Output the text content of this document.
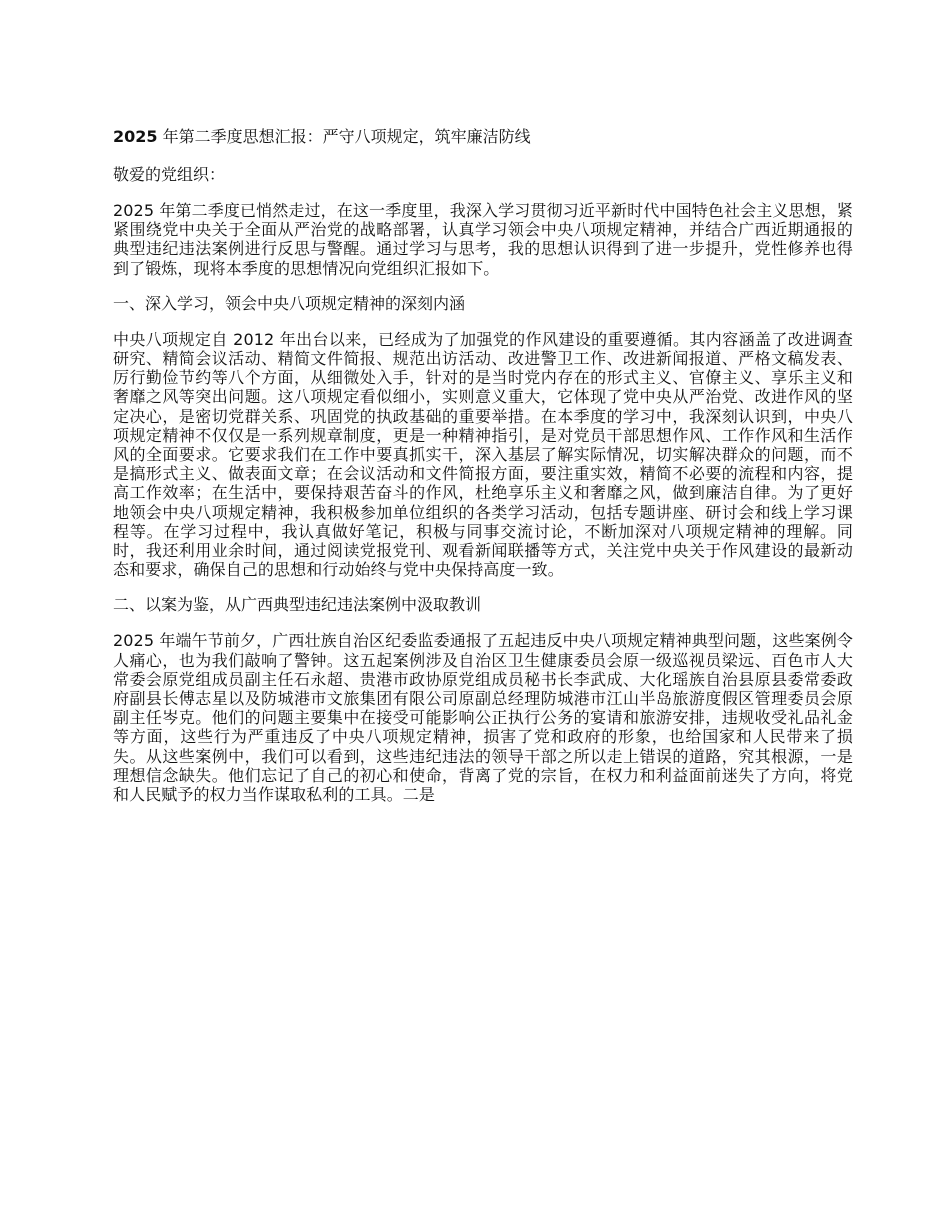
2025 年第二季度思想汇报：严守八项规定，筑牢廉洁防线

敬爱的党组织：

2025 年第二季度已悄然走过，在这一季度里，我深入学习贯彻习近平新时代中国特色社会主义思想，紧紧围绕党中央关于全面从严治党的战略部署，认真学习领会中央八项规定精神，并结合广西近期通报的典型违纪违法案例进行反思与警醒。通过学习与思考，我的思想认识得到了进一步提升，党性修养也得到了锻炼，现将本季度的思想情况向党组织汇报如下。

一、深入学习，领会中央八项规定精神的深刻内涵

中央八项规定自 2012 年出台以来，已经成为了加强党的作风建设的重要遵循。其内容涵盖了改进调查研究、精简会议活动、精简文件简报、规范出访活动、改进警卫工作、改进新闻报道、严格文稿发表、厉行勤俭节约等八个方面，从细微处入手，针对的是当时党内存在的形式主义、官僚主义、享乐主义和奢靡之风等突出问题。这八项规定看似细小，实则意义重大，它体现了党中央从严治党、改进作风的坚定决心，是密切党群关系、巩固党的执政基础的重要举措。在本季度的学习中，我深刻认识到，中央八项规定精神不仅仅是一系列规章制度，更是一种精神指引，是对党员干部思想作风、工作作风和生活作风的全面要求。它要求我们在工作中要真抓实干，深入基层了解实际情况，切实解决群众的问题，而不是搞形式主义、做表面文章；在会议活动和文件简报方面，要注重实效，精简不必要的流程和内容，提高工作效率；在生活中，要保持艰苦奋斗的作风，杜绝享乐主义和奢靡之风，做到廉洁自律。为了更好地领会中央八项规定精神，我积极参加单位组织的各类学习活动，包括专题讲座、研讨会和线上学习课程等。在学习过程中，我认真做好笔记，积极与同事交流讨论，不断加深对八项规定精神的理解。同时，我还利用业余时间，通过阅读党报党刊、观看新闻联播等方式，关注党中央关于作风建设的最新动态和要求，确保自己的思想和行动始终与党中央保持高度一致。

二、以案为鉴，从广西典型违纪违法案例中汲取教训

2025 年端午节前夕，广西壮族自治区纪委监委通报了五起违反中央八项规定精神典型问题，这些案例令人痛心，也为我们敲响了警钟。这五起案例涉及自治区卫生健康委员会原一级巡视员梁远、百色市人大常委会原党组成员副主任石永超、贵港市政协原党组成员秘书长李武成、大化瑶族自治县原县委常委政府副县长傅志星以及防城港市文旅集团有限公司原副总经理防城港市江山半岛旅游度假区管理委员会原副主任岑克。他们的问题主要集中在接受可能影响公正执行公务的宴请和旅游安排，违规收受礼品礼金等方面，这些行为严重违反了中央八项规定精神，损害了党和政府的形象，也给国家和人民带来了损失。从这些案例中，我们可以看到，这些违纪违法的领导干部之所以走上错误的道路，究其根源，一是理想信念缺失。他们忘记了自己的初心和使命，背离了党的宗旨，在权力和利益面前迷失了方向，将党和人民赋予的权力当作谋取私利的工具。二是
